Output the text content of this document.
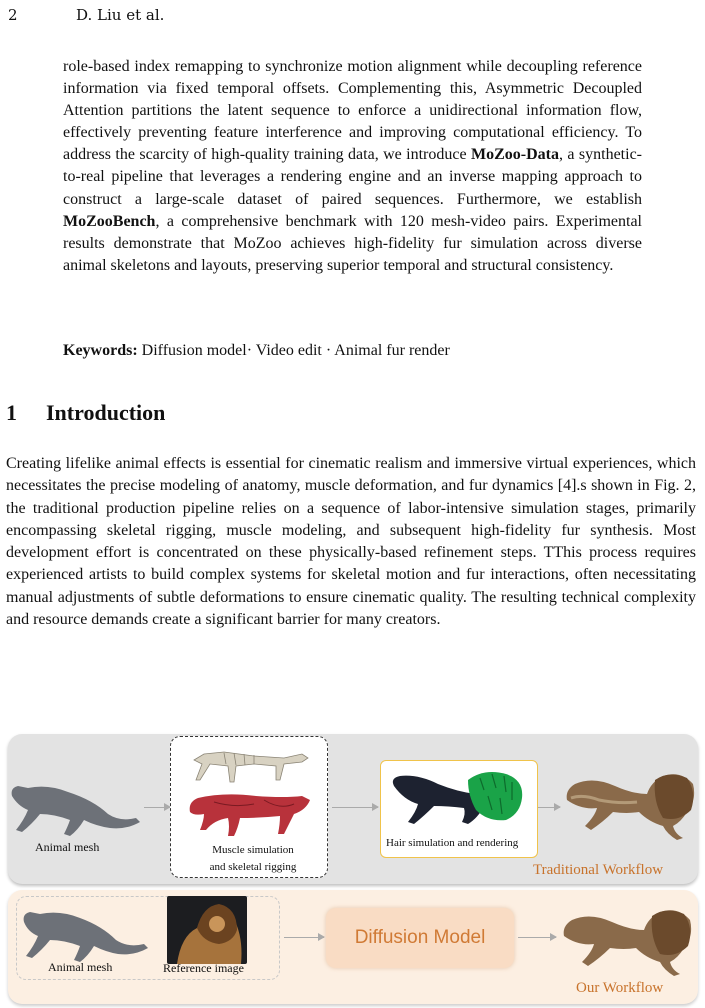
2	D. Liu et al.
role-based index remapping to synchronize motion alignment while decoupling reference information via fixed temporal offsets. Complementing this, Asymmetric Decoupled Attention partitions the latent sequence to enforce a unidirectional information flow, effectively preventing feature interference and improving computational efficiency. To address the scarcity of high-quality training data, we introduce MoZoo-Data, a synthetic-to-real pipeline that leverages a rendering engine and an inverse mapping approach to construct a large-scale dataset of paired sequences. Furthermore, we establish MoZooBench, a comprehensive benchmark with 120 mesh-video pairs. Experimental results demonstrate that MoZoo achieves high-fidelity fur simulation across diverse animal skeletons and layouts, preserving superior temporal and structural consistency.
Keywords: Diffusion model· Video edit · Animal fur render
1 Introduction
Creating lifelike animal effects is essential for cinematic realism and immersive virtual experiences, which necessitates the precise modeling of anatomy, muscle deformation, and fur dynamics [4].s shown in Fig. 2, the traditional production pipeline relies on a sequence of labor-intensive simulation stages, primarily encompassing skeletal rigging, muscle modeling, and subsequent high-fidelity fur synthesis. Most development effort is concentrated on these physically-based refinement steps. TThis process requires experienced artists to build complex systems for skeletal motion and fur interactions, often necessitating manual adjustments of subtle deformations to ensure cinematic quality. The resulting technical complexity and resource demands create a significant barrier for many creators.
Animal mesh	Muscle simulation
and skeletal rigging
Hair simulation and rendering
Traditional Workflow
Animal mesh	Reference image
Diffusion Model
Our Workflow
